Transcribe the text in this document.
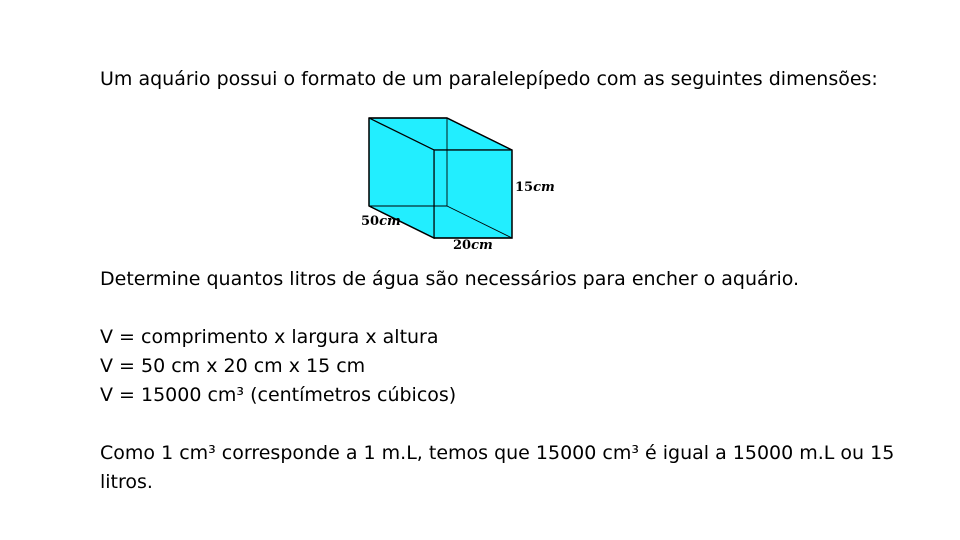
Um aquário possui o formato de um paralelepípedo com as seguintes dimensões:
15cm
50cm
20cm
Determine quantos litros de água são necessários para encher o aquário.
V = comprimento x largura x altura
V = 50 cm x 20 cm x 15 cm
V = 15000 cm³ (centímetros cúbicos)
Como 1 cm³ corresponde a 1 m.L, temos que 15000 cm³ é igual a 15000 m.L ou 15 litros.
